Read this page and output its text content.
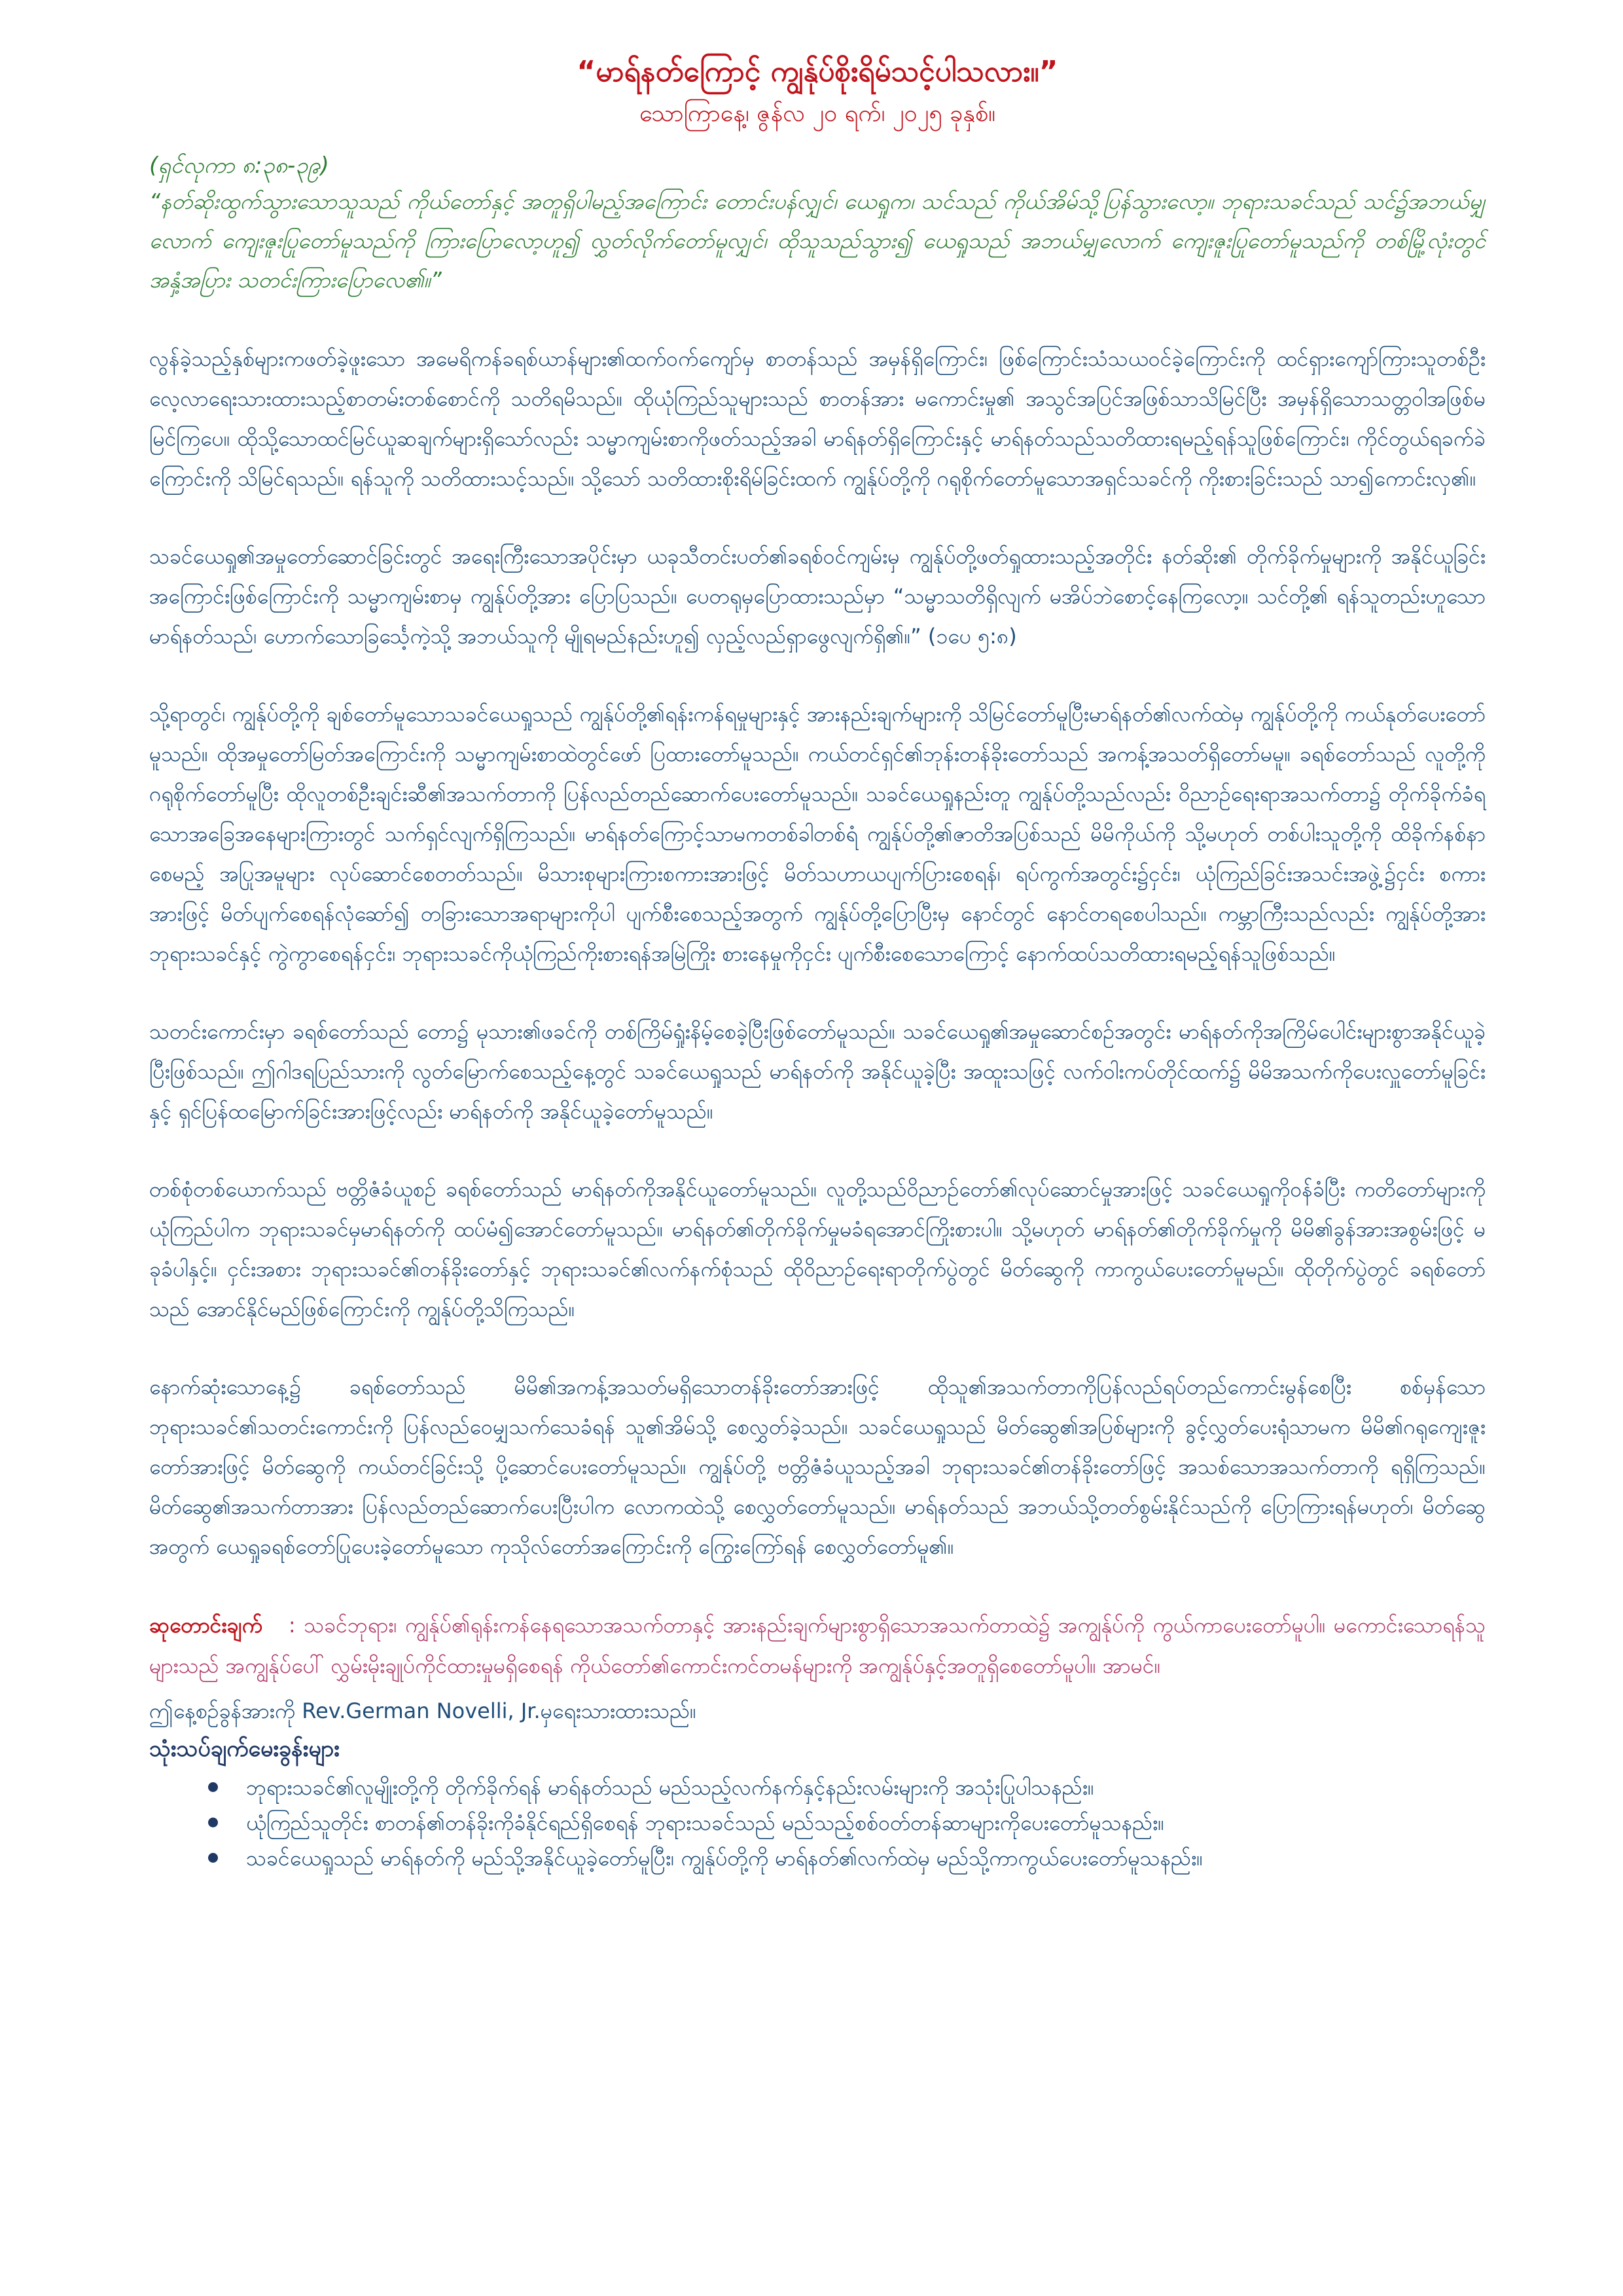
“မာရ်နတ်ကြောင့် ကျွန်ုပ်စိုးရိမ်သင့်ပါသလား။”
သောကြာနေ့၊ ဇွန်လ ၂၀ ရက်၊ ၂၀၂၅ ခုနှစ်။
(ရှင်လုကာ ၈:၃၈-၃၉)

“နတ်ဆိုးထွက်သွားသောသူသည် ကိုယ်တော်နှင့် အတူရှိပါမည့်အကြောင်း တောင်းပန်လျှင်၊ ယေရှုက၊ သင်သည် ကိုယ်အိမ်သို့ပြန်သွားလော့။ ဘုရားသခင်သည် သင်၌အဘယ်မျှလောက် ကျေးဇူးပြုတော်မူသည်ကို ကြားပြောလော့ဟူ၍ လွှတ်လိုက်တော်မူလျှင်၊ ထိုသူသည်သွား၍ ယေရှုသည် အဘယ်မျှလောက် ကျေးဇူးပြုတော်မူသည်ကို တစ်မြို့လုံးတွင် အနှံ့အပြား သတင်းကြားပြောလေ၏။”

လွန်ခဲ့သည့်နှစ်များကဖတ်ခဲ့ဖူးသော အမေရိကန်ခရစ်ယာန်များ၏ထက်ဝက်ကျော်မှ စာတန်သည် အမှန်ရှိကြောင်း၊ ဖြစ်ကြောင်းသံသယဝင်ခဲ့ကြောင်းကို ထင်ရှားကျော်ကြားသူတစ်ဦး လေ့လာရေးသားထားသည့်စာတမ်းတစ်စောင်ကို သတိရမိသည်။ ထိုယုံကြည်သူများသည် စာတန်အား မကောင်းမှု၏ အသွင်အပြင်အဖြစ်သာသိမြင်ပြီး အမှန်ရှိသောသတ္တဝါအဖြစ်မမြင်ကြပေ။ ထိုသို့သောထင်မြင်ယူဆချက်များရှိသော်လည်း သမ္မာကျမ်းစာကိုဖတ်သည့်အခါ မာရ်နတ်ရှိကြောင်းနှင့် မာရ်နတ်သည်သတိထားရမည့်ရန်သူဖြစ်ကြောင်း၊ ကိုင်တွယ်ရခက်ခဲကြောင်းကို သိမြင်ရသည်။ ရန်သူကို သတိထားသင့်သည်။ သို့သော် သတိထားစိုးရိမ်ခြင်းထက် ကျွန်ုပ်တို့ကို ဂရုစိုက်တော်မူသောအရှင်သခင်ကို ကိုးစားခြင်းသည် သာ၍ကောင်းလှ၏။

သခင်ယေရှု၏အမှုတော်ဆောင်ခြင်းတွင် အရေးကြီးသောအပိုင်းမှာ ယခုသီတင်းပတ်၏ခရစ်ဝင်ကျမ်းမှ ကျွန်ုပ်တို့ဖတ်ရှုထားသည့်အတိုင်း နတ်ဆိုး၏ တိုက်ခိုက်မှုများကို အနိုင်ယူခြင်းအကြောင်းဖြစ်ကြောင်းကို သမ္မာကျမ်းစာမှ ကျွန်ုပ်တို့အား ပြောပြသည်။ ပေတရုမှပြောထားသည်မှာ “သမ္မာသတိရှိလျက် မအိပ်ဘဲစောင့်နေကြလော့။ သင်တို့၏ ရန်သူတည်းဟူသော မာရ်နတ်သည်၊ ဟောက်သောခြင်္သေ့ကဲ့သို့ အဘယ်သူကို မျိုရမည်နည်းဟူ၍ လှည့်လည်ရှာဖွေလျက်ရှိ၏။” (၁ပေ ၅:၈)

သို့ရာတွင်၊ ကျွန်ုပ်တို့ကို ချစ်တော်မူသောသခင်ယေရှုသည် ကျွန်ုပ်တို့၏ရန်းကန်ရမှုများနှင့် အားနည်းချက်များကို သိမြင်တော်မူပြီးမာရ်နတ်၏လက်ထဲမှ ကျွန်ုပ်တို့ကို ကယ်နုတ်ပေးတော်မူသည်။ ထိုအမှုတော်မြတ်အကြောင်းကို သမ္မာကျမ်းစာထဲတွင်ဖော် ပြထားတော်မူသည်။ ကယ်တင်ရှင်၏ဘုန်းတန်ခိုးတော်သည် အကန့်အသတ်ရှိတော်မမူ။ ခရစ်တော်သည် လူတို့ကို ဂရုစိုက်တော်မူပြီး ထိုလူတစ်ဦးချင်းဆီ၏အသက်တာကို ပြန်လည်တည်ဆောက်ပေးတော်မူသည်။ သခင်ယေရှုနည်းတူ ကျွန်ုပ်တို့သည်လည်း ဝိညာဉ်ရေးရာအသက်တာ၌ တိုက်ခိုက်ခံရသောအခြေအနေများကြားတွင် သက်ရှင်လျက်ရှိကြသည်။ မာရ်နတ်ကြောင့်သာမကတစ်ခါတစ်ရံ ကျွန်ုပ်တို့၏ဇာတိအပြစ်သည် မိမိကိုယ်ကို သို့မဟုတ် တစ်ပါးသူတို့ကို ထိခိုက်နစ်နာစေမည့် အပြုအမူများ လုပ်ဆောင်စေတတ်သည်။ မိသားစုများကြားစကားအားဖြင့် မိတ်သဟာယပျက်ပြားစေရန်၊ ရပ်ကွက်အတွင်း၌ငှင်း၊ ယုံကြည်ခြင်းအသင်းအဖွဲ့၌ငှင်း စကားအားဖြင့် မိတ်ပျက်စေရန်လုံဆော်၍ တခြားသောအရာများကိုပါ ပျက်စီးစေသည့်အတွက် ကျွန်ုပ်တို့ပြောပြီးမှ နောင်တွင် နောင်တရစေပါသည်။ ကမ္ဘာကြီးသည်လည်း ကျွန်ုပ်တို့အား ဘုရားသခင်နှင့် ကွဲကွာစေရန်ငှင်း၊ ဘုရားသခင်ကိုယုံကြည်ကိုးစားရန်အမြဲကြိုး စားနေမှုကိုငှင်း ပျက်စီးစေသောကြောင့် နောက်ထပ်သတိထားရမည့်ရန်သူဖြစ်သည်။

သတင်းကောင်းမှာ ခရစ်တော်သည် တော၌ မုသား၏ဖခင်ကို တစ်ကြိမ်ရှုံးနိမ့်စေခဲ့ပြီးဖြစ်တော်မူသည်။ သခင်ယေရှု၏အမှုဆောင်စဉ်အတွင်း မာရ်နတ်ကိုအကြိမ်ပေါင်းများစွာအနိုင်ယူခဲ့ပြီးဖြစ်သည်။ ဤဂါဒရပြည်သားကို လွတ်မြောက်စေသည့်နေ့တွင် သခင်ယေရှုသည် မာရ်နတ်ကို အနိုင်ယူခဲ့ပြီး အထူးသဖြင့် လက်ဝါးကပ်တိုင်ထက်၌ မိမိအသက်ကိုပေးလှူတော်မူခြင်းနှင့် ရှင်ပြန်ထမြောက်ခြင်းအားဖြင့်လည်း မာရ်နတ်ကို အနိုင်ယူခဲ့တော်မူသည်။

တစ်စုံတစ်ယောက်သည် ဗတ္တိဇံခံယူစဉ် ခရစ်တော်သည် မာရ်နတ်ကိုအနိုင်ယူတော်မူသည်။ လူတို့သည်ဝိညာဉ်တော်၏လုပ်ဆောင်မှုအားဖြင့် သခင်ယေရှုကိုဝန်ခံပြီး ကတိတော်များကို ယုံကြည်ပါက ဘုရားသခင်မှမာရ်နတ်ကို ထပ်မံ၍အောင်တော်မူသည်။ မာရ်နတ်၏တိုက်ခိုက်မှုမခံရအောင်ကြိုးစားပါ။ သို့မဟုတ် မာရ်နတ်၏တိုက်ခိုက်မှုကို မိမိ၏ခွန်အားအစွမ်းဖြင့် မခုခံပါနှင့်။ ငှင်းအစား ဘုရားသခင်၏တန်ခိုးတော်နှင့် ဘုရားသခင်၏လက်နက်စုံသည် ထိုဝိညာဉ်ရေးရာတိုက်ပွဲတွင် မိတ်ဆွေကို ကာကွယ်ပေးတော်မူမည်။ ထိုတိုက်ပွဲတွင် ခရစ်တော်သည် အောင်နိုင်မည်ဖြစ်ကြောင်းကို ကျွန်ုပ်တို့သိကြသည်။

နောက်ဆုံးသောနေ့၌ ခရစ်တော်သည် မိမိ၏အကန့်အသတ်မရှိသောတန်ခိုးတော်အားဖြင့် ထိုသူ၏အသက်တာကိုပြန်လည်ရပ်တည်ကောင်းမွန်စေပြီး စစ်မှန်သောဘုရားသခင်၏သတင်းကောင်းကို ပြန်လည်ဝေမျှသက်သေခံရန် သူ၏အိမ်သို့ စေလွှတ်ခဲ့သည်။ သခင်ယေရှုသည် မိတ်ဆွေ၏အပြစ်များကို ခွင့်လွှတ်ပေးရုံသာမက မိမိ၏ဂရုကျေးဇူးတော်အားဖြင့် မိတ်ဆွေကို ကယ်တင်ခြင်းသို့ ပို့ဆောင်ပေးတော်မူသည်။ ကျွန်ုပ်တို့ ဗတ္တိဇံခံယူသည့်အခါ ဘုရားသခင်၏တန်ခိုးတော်ဖြင့် အသစ်သောအသက်တာကို ရရှိကြသည်။ မိတ်ဆွေ၏အသက်တာအား ပြန်လည်တည်ဆောက်ပေးပြီးပါက လောကထဲသို့ စေလွှတ်တော်မူသည်။ မာရ်နတ်သည် အဘယ်သို့တတ်စွမ်းနိုင်သည်ကို ပြောကြားရန်မဟုတ်၊ မိတ်ဆွေအတွက် ယေရှုခရစ်တော်ပြုပေးခဲ့တော်မူသော ကုသိုလ်တော်အကြောင်းကို ကြွေးကြော်ရန် စေလွှတ်တော်မူ၏။

ဆုတောင်းချက် : သခင်ဘုရား၊ ကျွန်ုပ်၏ရုန်းကန်နေရသောအသက်တာနှင့် အားနည်းချက်များစွာရှိသောအသက်တာထဲ၌ အကျွန်ုပ်ကို ကွယ်ကာပေးတော်မူပါ။ မကောင်းသောရန်သူများသည် အကျွန်ုပ်ပေါ် လွှမ်းမိုးချုပ်ကိုင်ထားမှုမရှိစေရန် ကိုယ်တော်၏ကောင်းကင်တမန်များကို အကျွန်ုပ်နှင့်အတူရှိစေတော်မူပါ။ အာမင်။

ဤနေ့စဉ်ခွန်အားကို Rev.German Novelli, Jr.မှရေးသားထားသည်။
သုံးသပ်ချက်မေးခွန်းများ
ဘုရားသခင်၏လူမျိုးတို့ကို တိုက်ခိုက်ရန် မာရ်နတ်သည် မည်သည့်လက်နက်နှင့်နည်းလမ်းများကို အသုံးပြုပါသနည်း။
ယုံကြည်သူတိုင်း စာတန်၏တန်ခိုးကိုခံနိုင်ရည်ရှိစေရန် ဘုရားသခင်သည် မည်သည့်စစ်ဝတ်တန်ဆာများကိုပေးတော်မူသနည်း။
သခင်ယေရှုသည် မာရ်နတ်ကို မည်သို့အနိုင်ယူခဲ့တော်မူပြီး၊ ကျွန်ုပ်တို့ကို မာရ်နတ်၏လက်ထဲမှ မည်သို့ကာကွယ်ပေးတော်မူသနည်း။
